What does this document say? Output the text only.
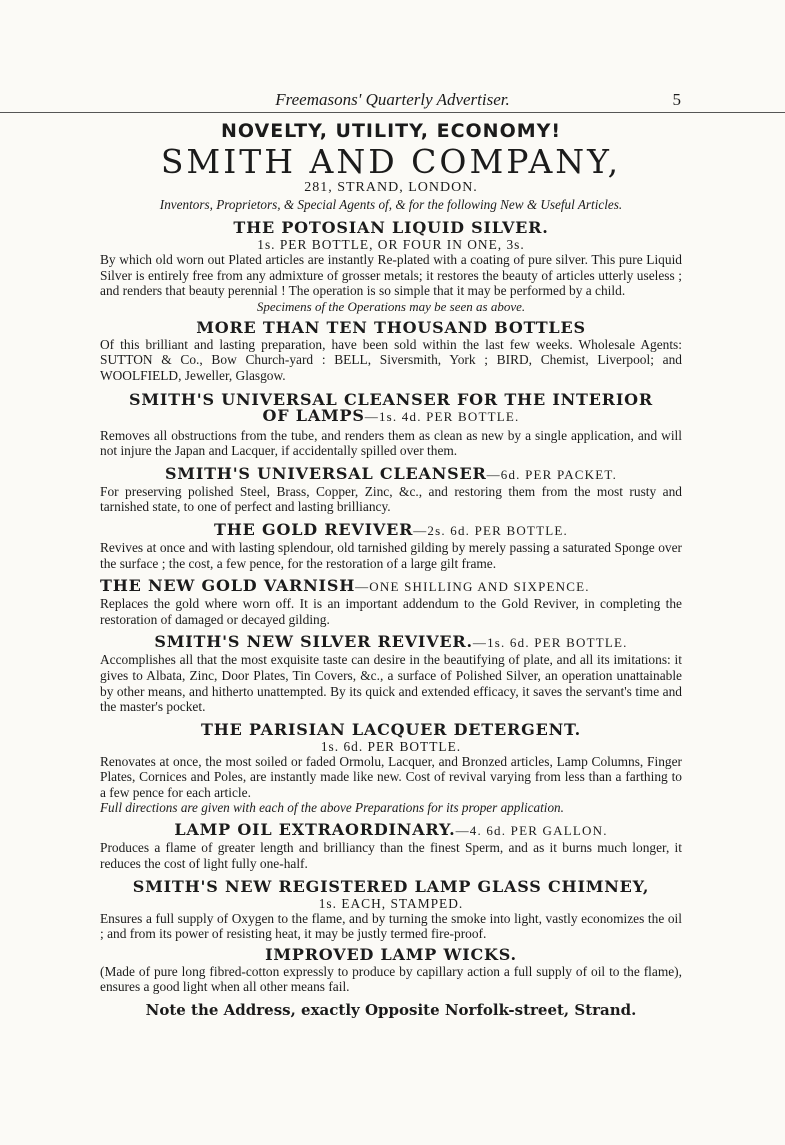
Freemasons' Quarterly Advertiser.	5
NOVELTY, UTILITY, ECONOMY!
SMITH AND COMPANY,
281, STRAND, LONDON.
Inventors, Proprietors, & Special Agents of, & for the following New & Useful Articles.
THE POTOSIAN LIQUID SILVER.
1s. PER BOTTLE, OR FOUR IN ONE, 3s.

By which old worn out Plated articles are instantly Re-plated with a coating of pure silver. This pure Liquid Silver is entirely free from any admixture of grosser metals; it restores the beauty of articles utterly useless ; and renders that beauty perennial ! The operation is so simple that it may be performed by a child.

Specimens of the Operations may be seen as above.
MORE THAN TEN THOUSAND BOTTLES

Of this brilliant and lasting preparation, have been sold within the last few weeks. Wholesale Agents: SUTTON & Co., Bow Church-yard : BELL, Siversmith, York ; BIRD, Chemist, Liverpool; and WOOLFIELD, Jeweller, Glasgow.

SMITH'S UNIVERSAL CLEANSER FOR THE INTERIOR
OF LAMPS—1s. 4d. PER BOTTLE.

Removes all obstructions from the tube, and renders them as clean as new by a single application, and will not injure the Japan and Lacquer, if accidentally spilled over them.

SMITH'S UNIVERSAL CLEANSER—6d. PER PACKET.

For preserving polished Steel, Brass, Copper, Zinc, &c., and restoring them from the most rusty and tarnished state, to one of perfect and lasting brilliancy.

THE GOLD REVIVER—2s. 6d. PER BOTTLE.

Revives at once and with lasting splendour, old tarnished gilding by merely passing a saturated Sponge over the surface ; the cost, a few pence, for the restoration of a large gilt frame.

THE NEW GOLD VARNISH—ONE SHILLING AND SIXPENCE.

Replaces the gold where worn off. It is an important addendum to the Gold Reviver, in completing the restoration of damaged or decayed gilding.

SMITH'S NEW SILVER REVIVER.—1s. 6d. PER BOTTLE.

Accomplishes all that the most exquisite taste can desire in the beautifying of plate, and all its imitations: it gives to Albata, Zinc, Door Plates, Tin Covers, &c., a surface of Polished Silver, an operation unattainable by other means, and hitherto unattempted. By its quick and extended efficacy, it saves the servant's time and the master's pocket.

THE PARISIAN LACQUER DETERGENT.
1s. 6d. PER BOTTLE.

Renovates at once, the most soiled or faded Ormolu, Lacquer, and Bronzed articles, Lamp Columns, Finger Plates, Cornices and Poles, are instantly made like new. Cost of revival varying from less than a farthing to a few pence for each article.

Full directions are given with each of the above Preparations for its proper application.
LAMP OIL EXTRAORDINARY.—4. 6d. PER GALLON.

Produces a flame of greater length and brilliancy than the finest Sperm, and as it burns much longer, it reduces the cost of light fully one-half.

SMITH'S NEW REGISTERED LAMP GLASS CHIMNEY,
1s. EACH, STAMPED.

Ensures a full supply of Oxygen to the flame, and by turning the smoke into light, vastly economizes the oil ; and from its power of resisting heat, it may be justly termed fire-proof.

IMPROVED LAMP WICKS.

(Made of pure long fibred-cotton expressly to produce by capillary action a full supply of oil to the flame), ensures a good light when all other means fail.

Note the Address, exactly Opposite Norfolk-street, Strand.
